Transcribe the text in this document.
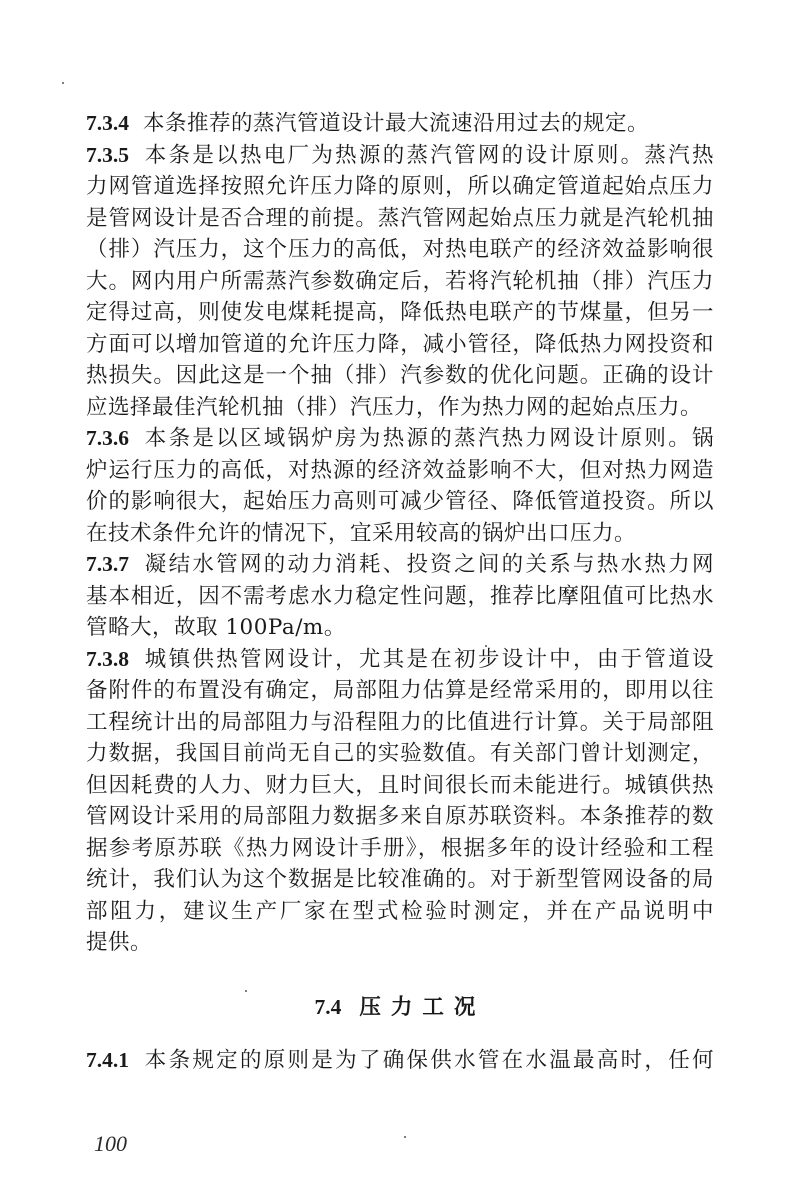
7.3.4 本条推荐的蒸汽管道设计最大流速沿用过去的规定。
7.3.5 本条是以热电厂为热源的蒸汽管网的设计原则。蒸汽热
力网管道选择按照允许压力降的原则，所以确定管道起始点压力
是管网设计是否合理的前提。蒸汽管网起始点压力就是汽轮机抽
（排）汽压力，这个压力的高低，对热电联产的经济效益影响很
大。网内用户所需蒸汽参数确定后，若将汽轮机抽（排）汽压力
定得过高，则使发电煤耗提高，降低热电联产的节煤量，但另一
方面可以增加管道的允许压力降，减小管径，降低热力网投资和
热损失。因此这是一个抽（排）汽参数的优化问题。正确的设计
应选择最佳汽轮机抽（排）汽压力，作为热力网的起始点压力。
7.3.6 本条是以区域锅炉房为热源的蒸汽热力网设计原则。锅
炉运行压力的高低，对热源的经济效益影响不大，但对热力网造
价的影响很大，起始压力高则可减少管径、降低管道投资。所以
在技术条件允许的情况下，宜采用较高的锅炉出口压力。
7.3.7 凝结水管网的动力消耗、投资之间的关系与热水热力网
基本相近，因不需考虑水力稳定性问题，推荐比摩阻值可比热水
管略大，故取 100Pa/m。
7.3.8 城镇供热管网设计，尤其是在初步设计中，由于管道设
备附件的布置没有确定，局部阻力估算是经常采用的，即用以往
工程统计出的局部阻力与沿程阻力的比值进行计算。关于局部阻
力数据，我国目前尚无自己的实验数值。有关部门曾计划测定，
但因耗费的人力、财力巨大，且时间很长而未能进行。城镇供热
管网设计采用的局部阻力数据多来自原苏联资料。本条推荐的数
据参考原苏联《热力网设计手册》，根据多年的设计经验和工程
统计，我们认为这个数据是比较准确的。对于新型管网设备的局
部阻力，建议生产厂家在型式检验时测定，并在产品说明中
提供。
7.4 压力工况
7.4.1 本条规定的原则是为了确保供水管在水温最高时，任何
100
